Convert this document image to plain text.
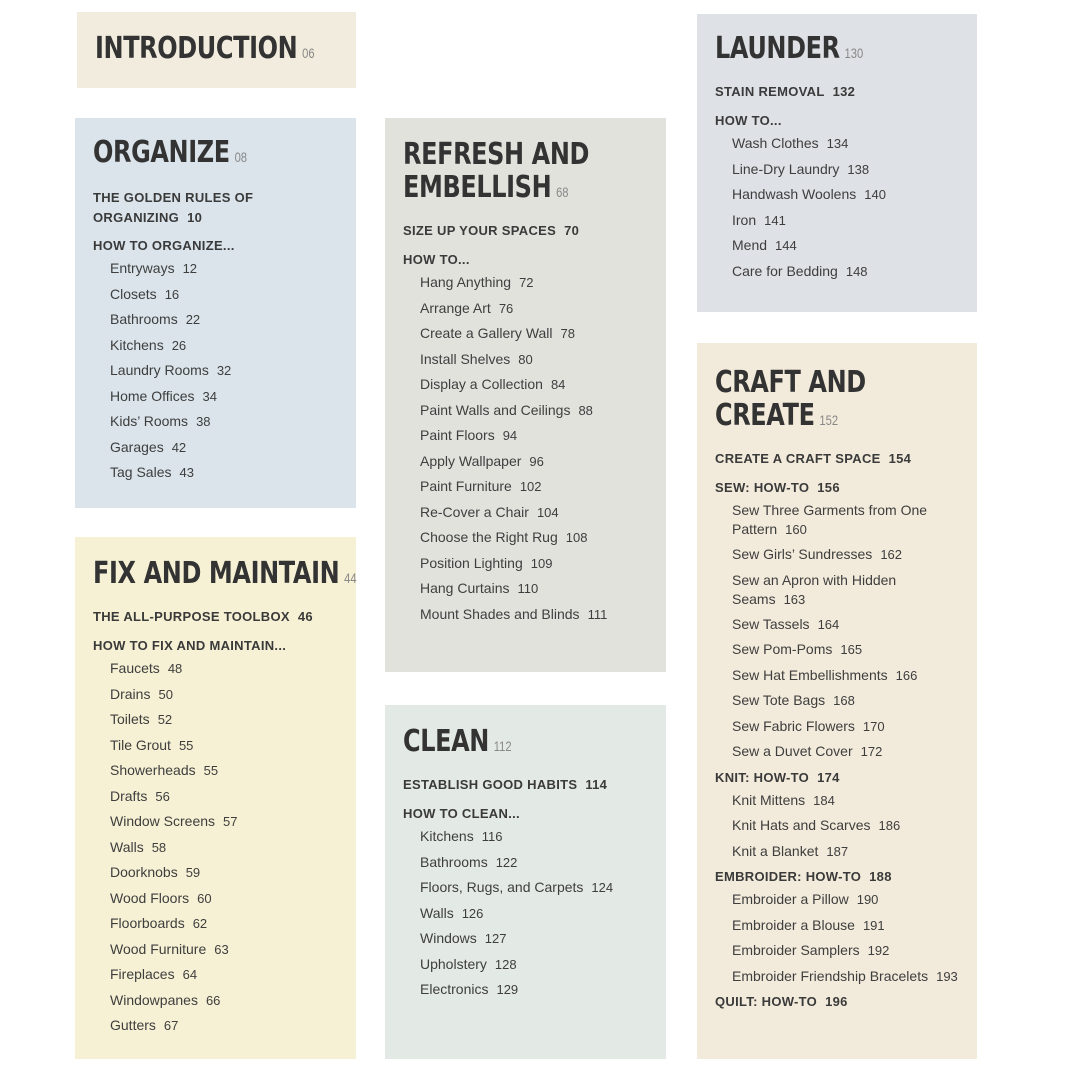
INTRODUCTION 06
ORGANIZE 08
THE GOLDEN RULES OF ORGANIZING 10
HOW TO ORGANIZE...
Entryways 12
Closets 16
Bathrooms 22
Kitchens 26
Laundry Rooms 32
Home Offices 34
Kids’ Rooms 38
Garages 42
Tag Sales 43
FIX AND MAINTAIN 44
THE ALL-PURPOSE TOOLBOX 46
HOW TO FIX AND MAINTAIN...
Faucets 48
Drains 50
Toilets 52
Tile Grout 55
Showerheads 55
Drafts 56
Window Screens 57
Walls 58
Doorknobs 59
Wood Floors 60
Floorboards 62
Wood Furniture 63
Fireplaces 64
Windowpanes 66
Gutters 67
REFRESH AND
EMBELLISH 68
SIZE UP YOUR SPACES 70
HOW TO...
Hang Anything 72
Arrange Art 76
Create a Gallery Wall 78
Install Shelves 80
Display a Collection 84
Paint Walls and Ceilings 88
Paint Floors 94
Apply Wallpaper 96
Paint Furniture 102
Re-Cover a Chair 104
Choose the Right Rug 108
Position Lighting 109
Hang Curtains 110
Mount Shades and Blinds 111
CLEAN 112
ESTABLISH GOOD HABITS 114
HOW TO CLEAN...
Kitchens 116
Bathrooms 122
Floors, Rugs, and Carpets 124
Walls 126
Windows 127
Upholstery 128
Electronics 129
LAUNDER 130
STAIN REMOVAL 132
HOW TO...
Wash Clothes 134
Line-Dry Laundry 138
Handwash Woolens 140
Iron 141
Mend 144
Care for Bedding 148
CRAFT AND
CREATE 152
CREATE A CRAFT SPACE 154
SEW: HOW-TO 156
Sew Three Garments from One Pattern 160
Sew Girls’ Sundresses 162
Sew an Apron with Hidden Seams 163
Sew Tassels 164
Sew Pom-Poms 165
Sew Hat Embellishments 166
Sew Tote Bags 168
Sew Fabric Flowers 170
Sew a Duvet Cover 172
KNIT: HOW-TO 174
Knit Mittens 184
Knit Hats and Scarves 186
Knit a Blanket 187
EMBROIDER: HOW-TO 188
Embroider a Pillow 190
Embroider a Blouse 191
Embroider Samplers 192
Embroider Friendship Bracelets 193
QUILT: HOW-TO 196
